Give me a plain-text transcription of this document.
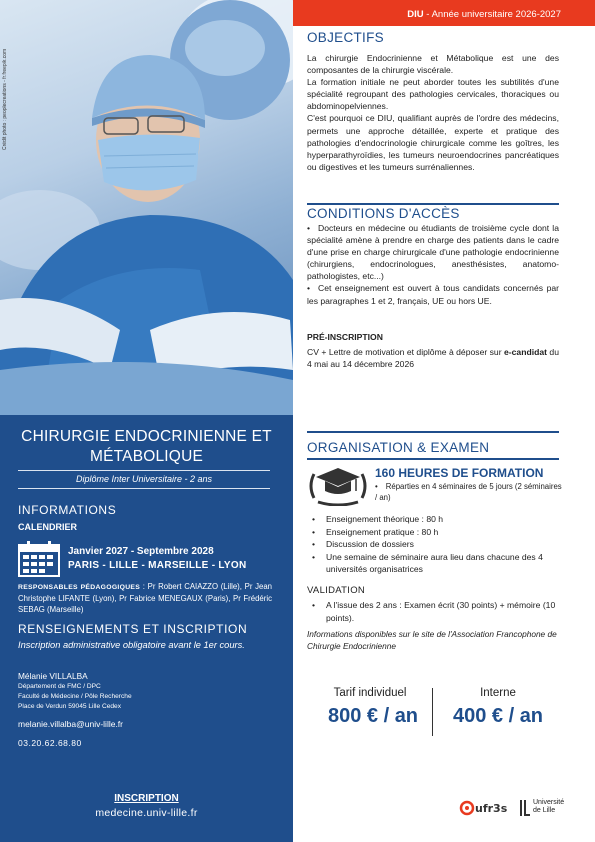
Crédit photo : peoplecreations - fr.freepik.com
CHIRURGIE ENDOCRINIENNE ET
MÉTABOLIQUE
Diplôme Inter Universitaire - 2 ans
INFORMATIONS
CALENDRIER
Janvier 2027 - Septembre 2028
PARIS - LILLE - MARSEILLE - LYON
RESPONSABLES PÉDAGOGIQUES : Pr Robert CAIAZZO (Lille), Pr Jean Christophe LIFANTE (Lyon), Pr Fabrice MENEGAUX (Paris), Pr Frédéric SEBAG (Marseille)
RENSEIGNEMENTS ET INSCRIPTION
Inscription administrative obligatoire avant le 1er cours.
Mélanie VILLALBA
Département de FMC / DPC
Faculté de Médecine / Pôle Recherche
Place de Verdun 59045 Lille Cedex
melanie.villalba@univ-lille.fr
03.20.62.68.80
INSCRIPTION
medecine.univ-lille.fr
DIU - Année universitaire 2026-2027
OBJECTIFS
La chirurgie Endocrinienne et Métabolique est une des composantes de la chirurgie viscérale.
La formation initiale ne peut aborder toutes les subtilités d'une spécialité regroupant des pathologies cervicales, thoraciques ou abdominopelviennes.
C'est pourquoi ce DIU, qualifiant auprès de l'ordre des médecins, permets une approche détaillée, experte et pratique des pathologies d'endocrinologie chirurgicale comme les goîtres, les hyperparathyroïdies, les tumeurs neuroendocrines pancréatiques ou digestives et les tumeurs surrénaliennes.
CONDITIONS D'ACCÈS
• Docteurs en médecine ou étudiants de troisième cycle dont la spécialité amène à prendre en charge des patients dans le cadre d'une prise en charge chirurgicale d'une pathologie endocrinienne (chirurgiens, endocrinologues, anesthésistes, anatomo-pathologistes, etc...)
• Cet enseignement est ouvert à tous candidats concernés par les paragraphes 1 et 2, français, UE ou hors UE.
PRÉ-INSCRIPTION
CV + Lettre de motivation et diplôme à déposer sur e-candidat du 4 mai au 14 décembre 2026
ORGANISATION & EXAMEN
160 HEURES DE FORMATION
• Réparties en 4 séminaires de 5 jours (2 séminaires / an)
• Enseignement théorique : 80 h
• Enseignement pratique : 80 h
• Discussion de dossiers
• Une semaine de séminaire aura lieu dans chacune des 4 universités organisatrices
VALIDATION
• A l'issue des 2 ans : Examen écrit (30 points) + mémoire (10 points).
Informations disponibles sur le site de l'Association Francophone de Chirurgie Endocrinienne
Tarif individuel
800 € / an
Interne
400 € / an
ufr3s	Université
de Lille
